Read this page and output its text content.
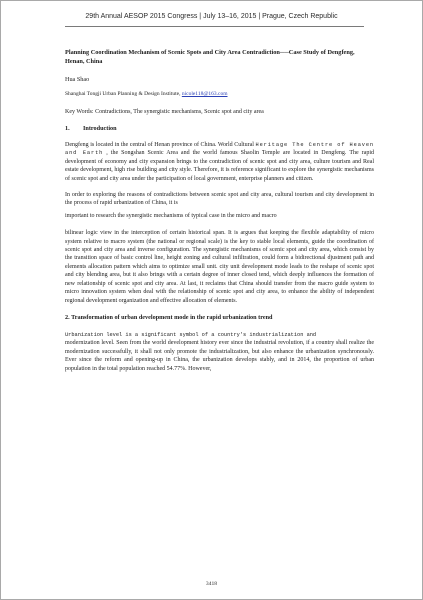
29th Annual AESOP 2015 Congress | July 13–16, 2015 | Prague, Czech Republic
Planning Coordination Mechanism of Scenic Spots and City Area Contradiction──Case Study of Dengfeng, Henan, China
Hua Shao
Shanghai Tongji Urban Planning & Design Institute, nicole118@163.com
Key Words: Contradictions, The synergistic mechanisms, Scenic spot and city area
1. Introduction

Dengfeng is located in the central of Henan province of China. World Cultural Heritage The Centre of Heaven and Earth , the Songshan Scenic Area and the world famous Shaolin Temple are located in Dengfeng. The rapid development of economy and city expansion brings to the contradiction of scenic spot and city area, culture tourism and Real estate development, high rise building and city style. Therefore, it is reference significant to explore the synergistic mechanisms of scenic spot and city area under the participation of local government, enterprise planners and citizen.

In order to exploring the reasons of contradictions between scenic spot and city area, cultural tourism and city development in the process of rapid urbanization of China, it is

important to research the synergistic mechanisms of typical case in the micro and macro

bilinear logic view in the interception of certain historical span. It is argues that keeping the flexible adaptability of micro system relative to macro system (the national or regional scale) is the key to stable local elements, guide the coordination of scenic spot and city area and inverse configuration. The synergistic mechanisms of scenic spot and city area, which consist by the transition space of basic control line, height zoning and cultural infiltration, could form a bidirectional djustment path and elements allocation pattern which aims to optimize small unit. city unit development mode leads to the reshape of scenic spot and city blending area, but it also brings with a certain degree of inner closed tend, which deeply influences the formation of new relationship of scenic spot and city area. At last, it reclaims that China should transfer from the macro guide system to micro innovation system when deal with the relationship of scenic spot and city area, to enhance the ability of independent regional development organization and effective allocation of elements.

2. Transformation of urban development mode in the rapid urbanization trend

Urbanization level is a significant symbol of a country's industrialization and
modernization level. Seen from the world development history ever since the industrial revolution, if a country shall realize the modernization successfully, it shall not only promote the industrialization, but also enhance the urbanization synchronously. Ever since the reform and opening-up in China, the urbanization develops stably, and in 2014, the proportion of urban population in the total population reached 54.77%. However,

3418
